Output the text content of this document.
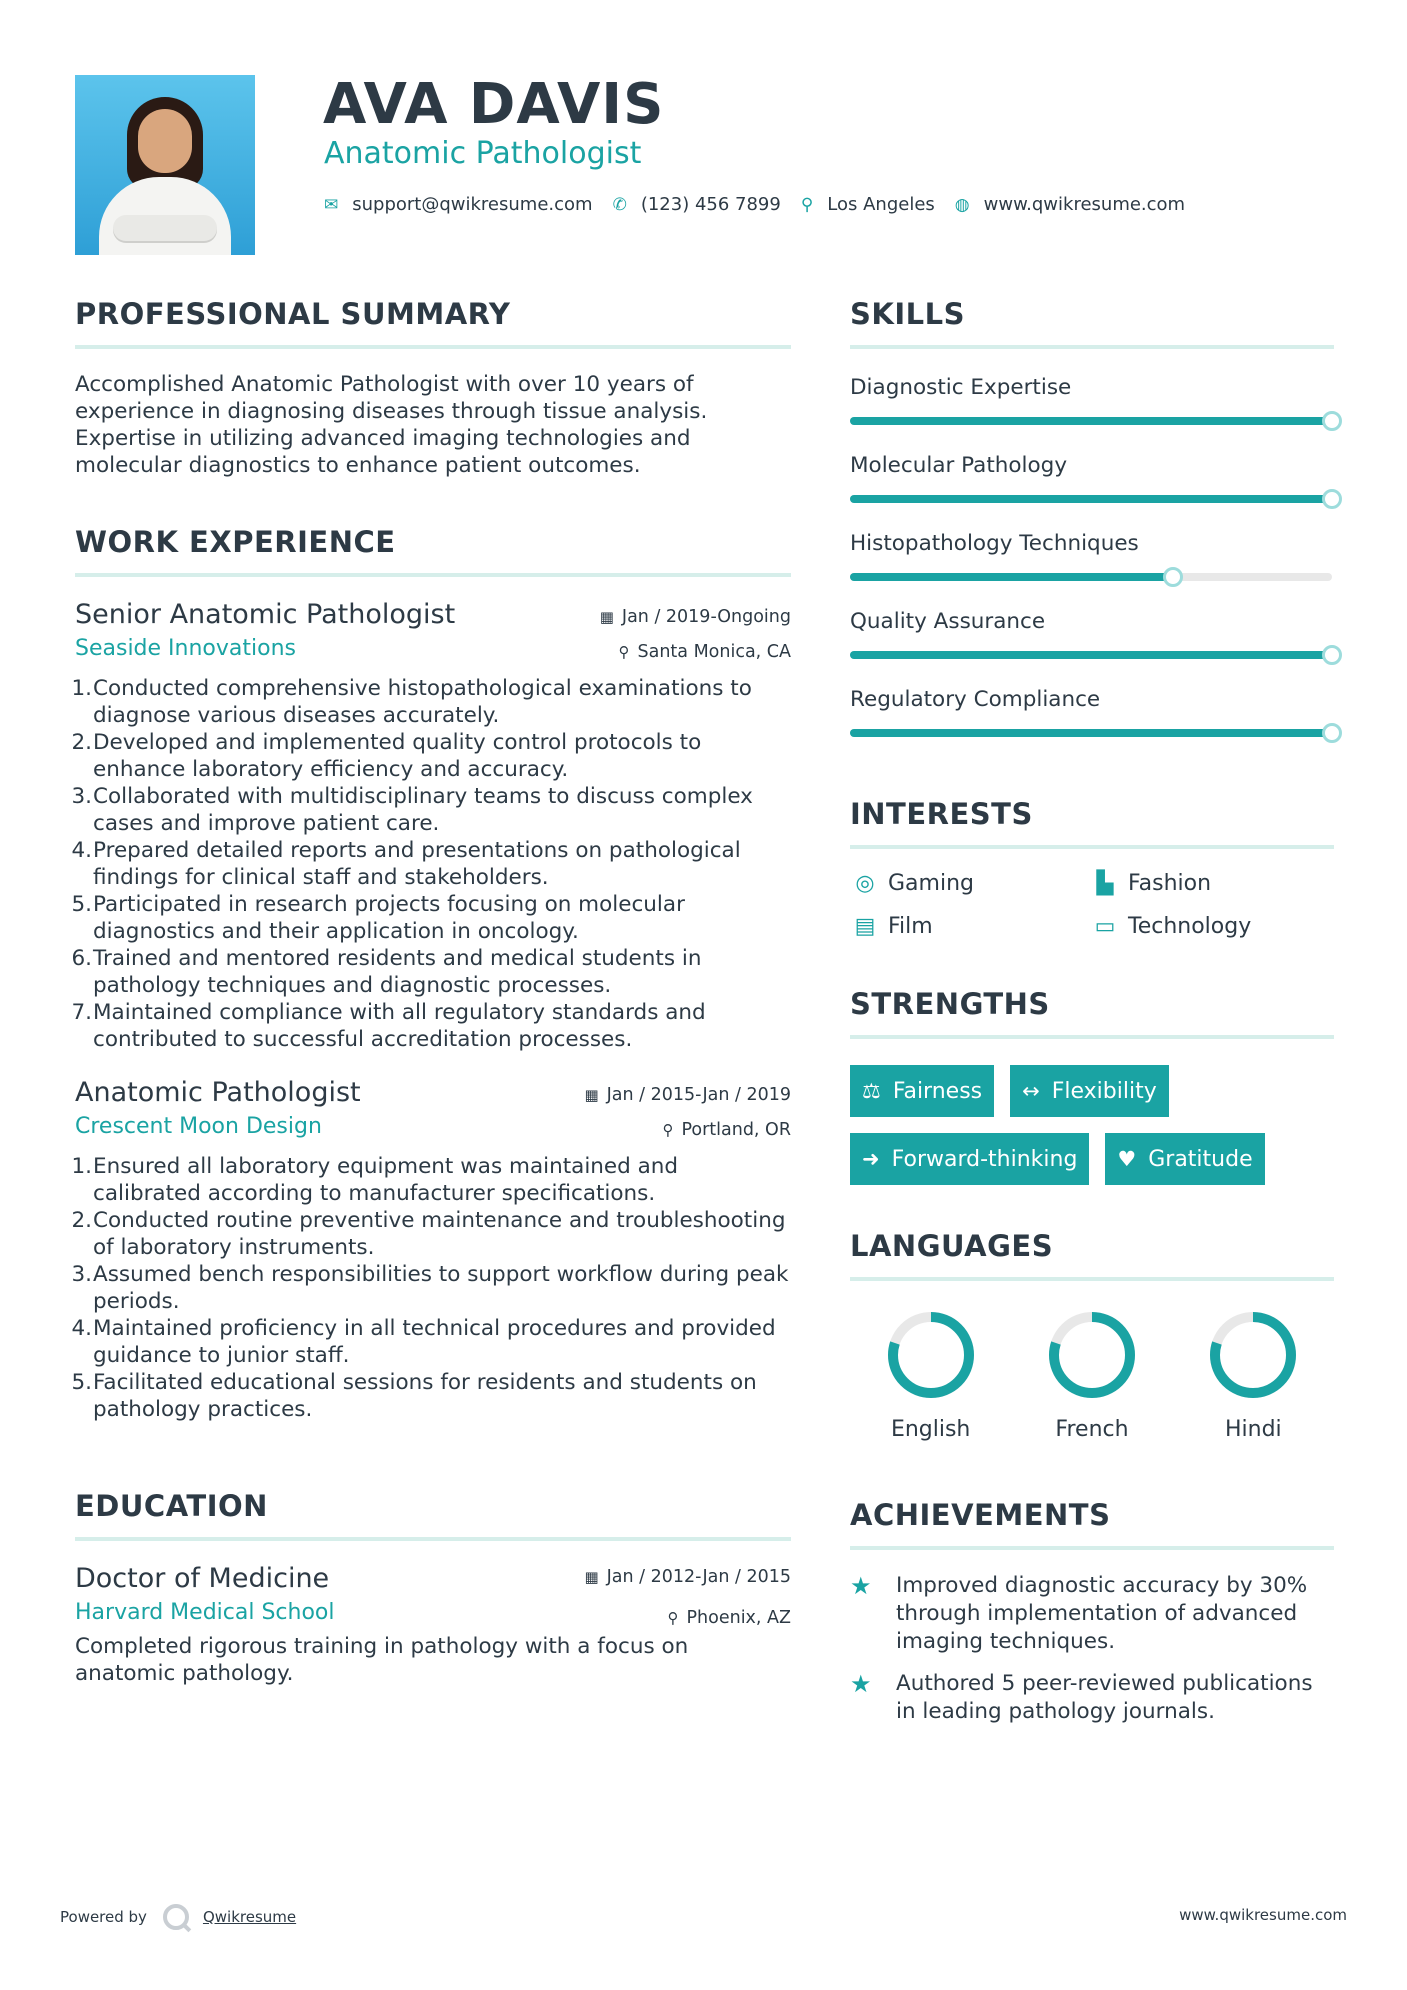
AVA DAVIS
Anatomic Pathologist
✉ support@qwikresume.com ✆ (123) 456 7899 ⚲ Los Angeles ◍ www.qwikresume.com
PROFESSIONAL SUMMARY

Accomplished Anatomic Pathologist with over 10 years of experience in diagnosing diseases through tissue analysis. Expertise in utilizing advanced imaging technologies and molecular diagnostics to enhance patient outcomes.

WORK EXPERIENCE
Senior Anatomic Pathologist	▦ Jan / 2019-Ongoing
Seaside Innovations	⚲ Santa Monica, CA
1. Conducted comprehensive histopathological examinations to diagnose various diseases accurately.
2. Developed and implemented quality control protocols to enhance laboratory efficiency and accuracy.
3. Collaborated with multidisciplinary teams to discuss complex cases and improve patient care.
4. Prepared detailed reports and presentations on pathological findings for clinical staff and stakeholders.
5. Participated in research projects focusing on molecular diagnostics and their application in oncology.
6. Trained and mentored residents and medical students in pathology techniques and diagnostic processes.
7. Maintained compliance with all regulatory standards and contributed to successful accreditation processes.
Anatomic Pathologist	▦ Jan / 2015-Jan / 2019
Crescent Moon Design	⚲ Portland, OR
1. Ensured all laboratory equipment was maintained and calibrated according to manufacturer specifications.
2. Conducted routine preventive maintenance and troubleshooting of laboratory instruments.
3. Assumed bench responsibilities to support workflow during peak periods.
4. Maintained proficiency in all technical procedures and provided guidance to junior staff.
5. Facilitated educational sessions for residents and students on pathology practices.
EDUCATION
Doctor of Medicine	▦ Jan / 2012-Jan / 2015
Harvard Medical School	⚲ Phoenix, AZ

Completed rigorous training in pathology with a focus on anatomic pathology.

SKILLS
Diagnostic Expertise
Molecular Pathology
Histopathology Techniques
Quality Assurance
Regulatory Compliance
INTERESTS
◎ Gaming	▙ Fashion
▤ Film	▭ Technology
STRENGTHS
⚖ Fairness ↔ Flexibility
➜ Forward-thinking ♥ Gratitude
LANGUAGES
English	French	Hindi
ACHIEVEMENTS
★	Improved diagnostic accuracy by 30% through implementation of advanced imaging techniques.
★	Authored 5 peer-reviewed publications in leading pathology journals.
Powered by	Qwikresume	www.qwikresume.com
